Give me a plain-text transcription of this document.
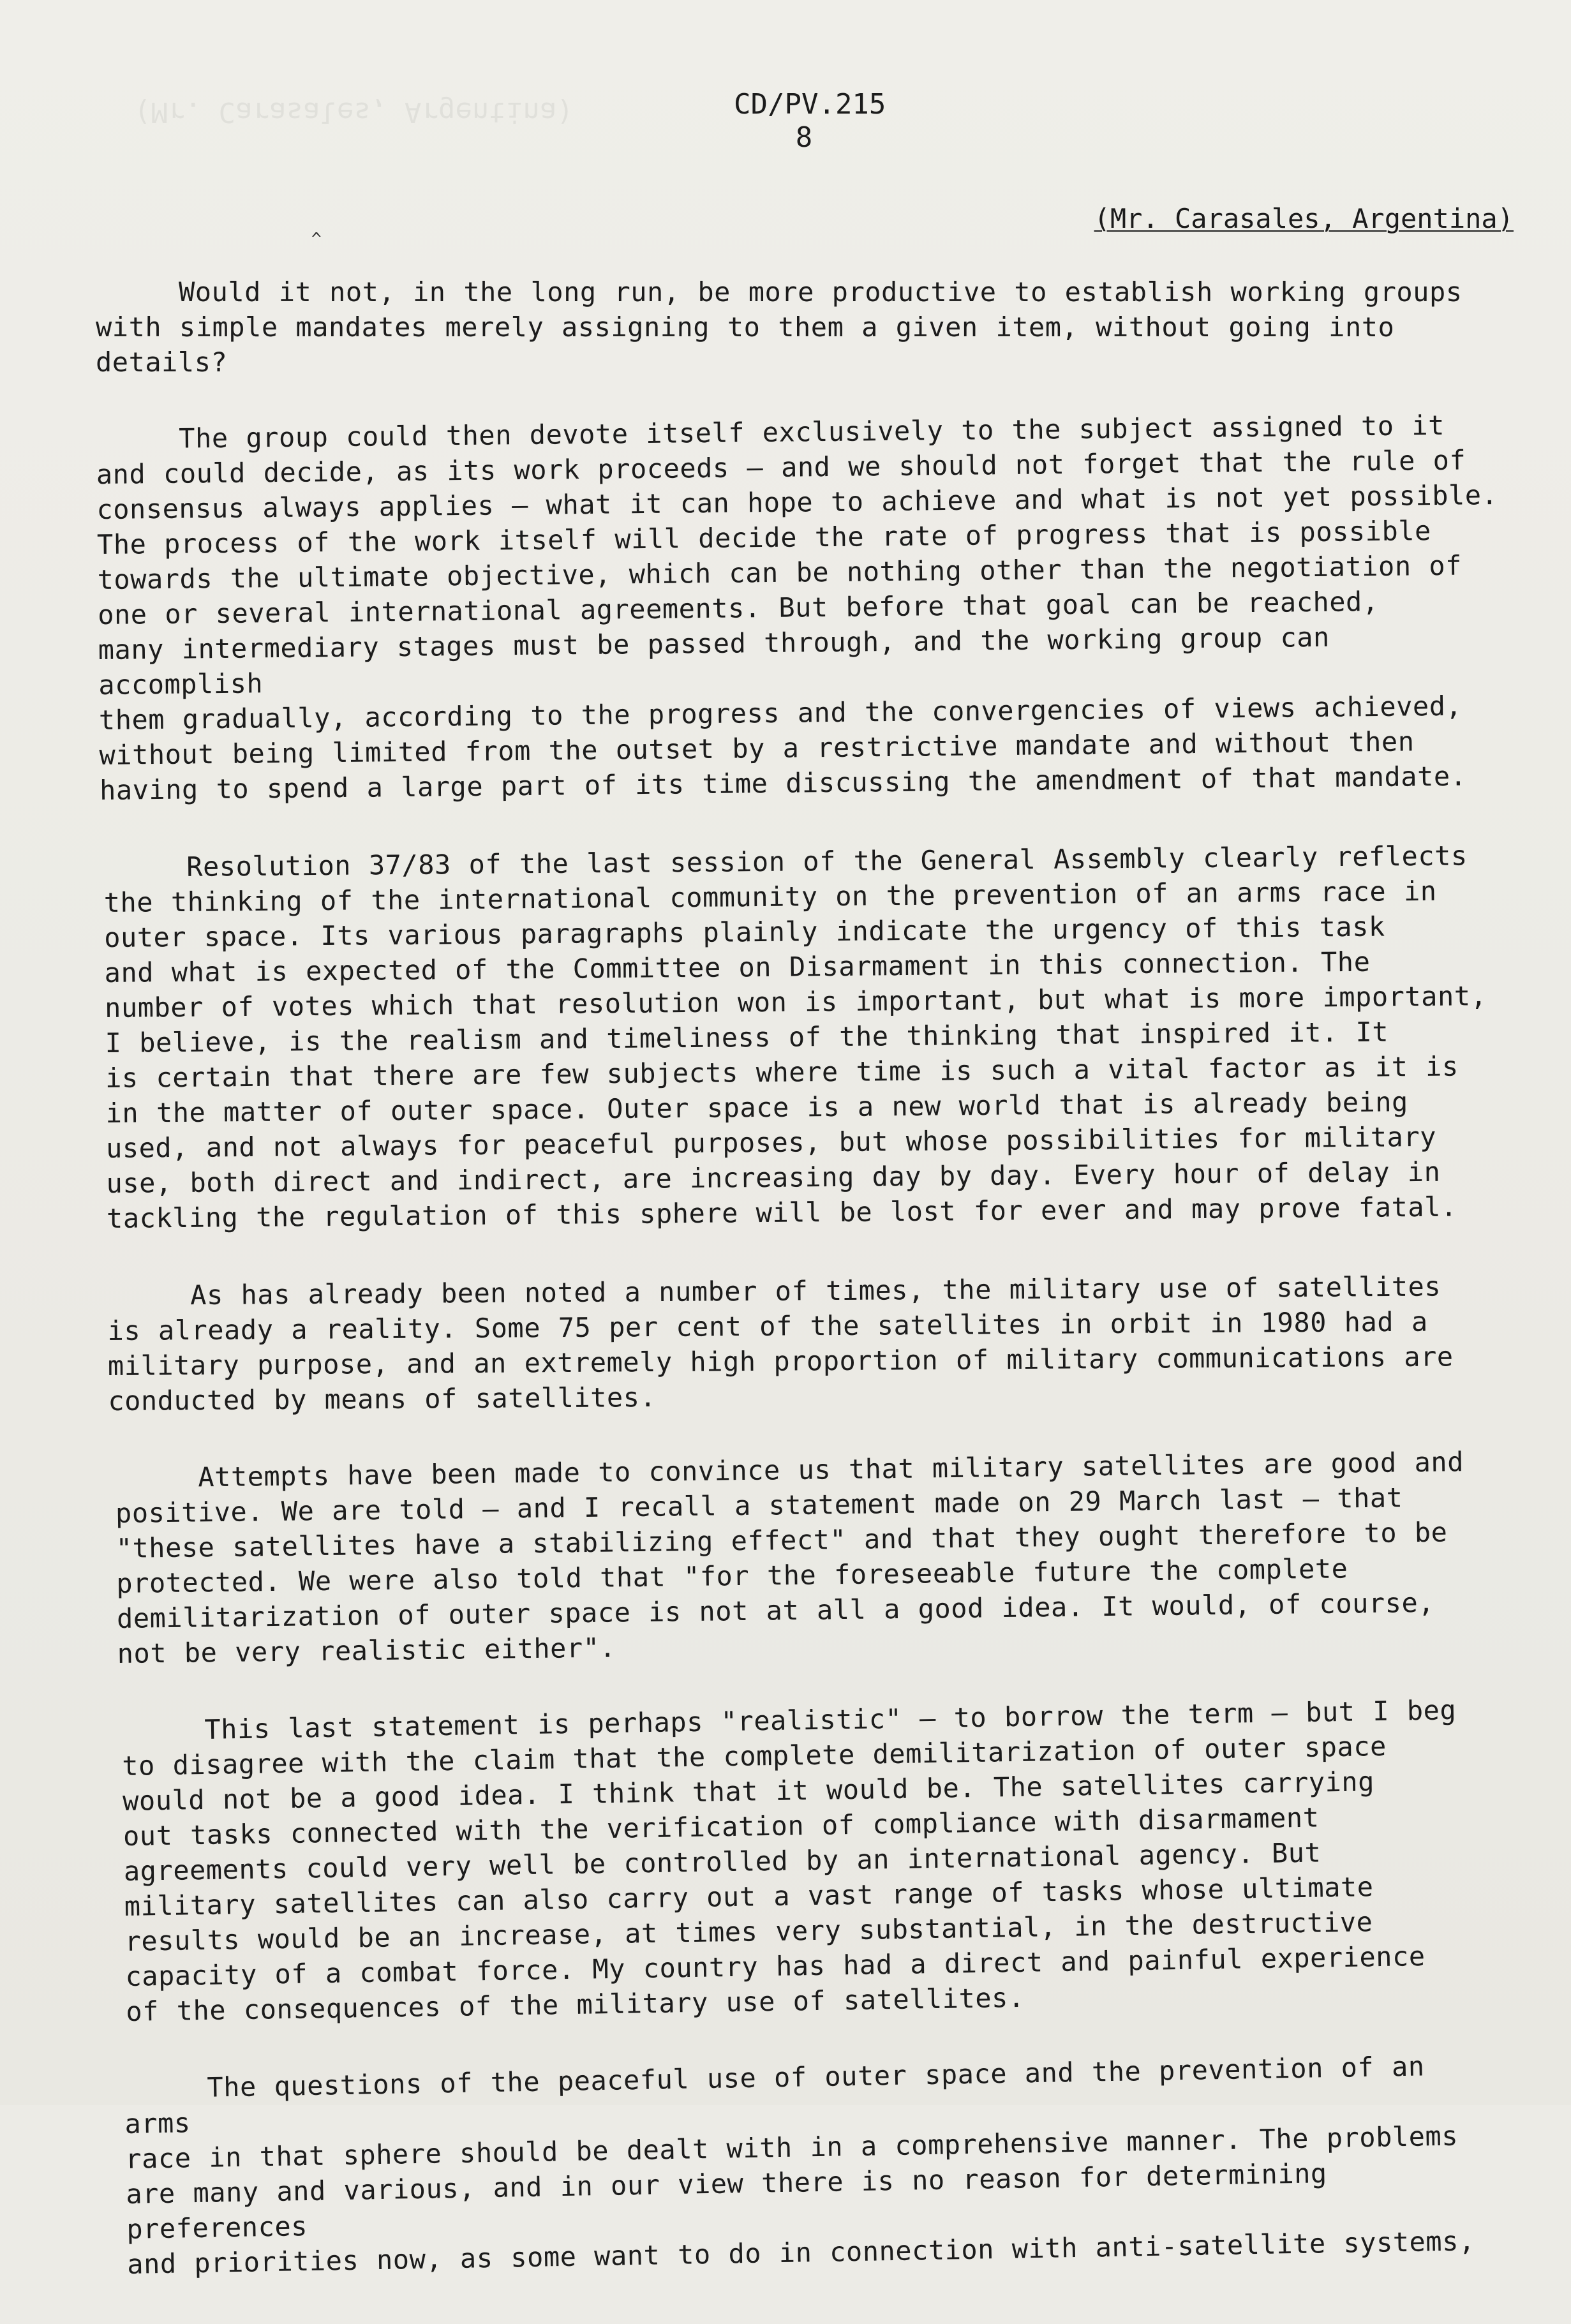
(Mr. Carasales, Argentina)	CD/PV.215
8
(Mr. Carasales, Argentina)
^

Would it not, in the long run, be more productive to establish working groups
with simple mandates merely assigning to them a given item, without going into
details?

The group could then devote itself exclusively to the subject assigned to it
and could decide, as its work proceeds — and we should not forget that the rule of
consensus always applies — what it can hope to achieve and what is not yet possible.
The process of the work itself will decide the rate of progress that is possible
towards the ultimate objective, which can be nothing other than the negotiation of
one or several international agreements. But before that goal can be reached,
many intermediary stages must be passed through, and the working group can accomplish
them gradually, according to the progress and the convergencies of views achieved,
without being limited from the outset by a restrictive mandate and without then
having to spend a large part of its time discussing the amendment of that mandate.

Resolution 37/83 of the last session of the General Assembly clearly reflects
the thinking of the international community on the prevention of an arms race in
outer space. Its various paragraphs plainly indicate the urgency of this task
and what is expected of the Committee on Disarmament in this connection. The
number of votes which that resolution won is important, but what is more important,
I believe, is the realism and timeliness of the thinking that inspired it. It
is certain that there are few subjects where time is such a vital factor as it is
in the matter of outer space. Outer space is a new world that is already being
used, and not always for peaceful purposes, but whose possibilities for military
use, both direct and indirect, are increasing day by day. Every hour of delay in
tackling the regulation of this sphere will be lost for ever and may prove fatal.

As has already been noted a number of times, the military use of satellites
is already a reality. Some 75 per cent of the satellites in orbit in 1980 had a
military purpose, and an extremely high proportion of military communications are
conducted by means of satellites.

Attempts have been made to convince us that military satellites are good and
positive. We are told — and I recall a statement made on 29 March last — that
"these satellites have a stabilizing effect" and that they ought therefore to be
protected. We were also told that "for the foreseeable future the complete
demilitarization of outer space is not at all a good idea. It would, of course,
not be very realistic either".

This last statement is perhaps "realistic" — to borrow the term — but I beg
to disagree with the claim that the complete demilitarization of outer space
would not be a good idea. I think that it would be. The satellites carrying
out tasks connected with the verification of compliance with disarmament
agreements could very well be controlled by an international agency. But
military satellites can also carry out a vast range of tasks whose ultimate
results would be an increase, at times very substantial, in the destructive
capacity of a combat force. My country has had a direct and painful experience
of the consequences of the military use of satellites.

The questions of the peaceful use of outer space and the prevention of an arms
race in that sphere should be dealt with in a comprehensive manner. The problems
are many and various, and in our view there is no reason for determining preferences
and priorities now, as some want to do in connection with anti-satellite systems,
